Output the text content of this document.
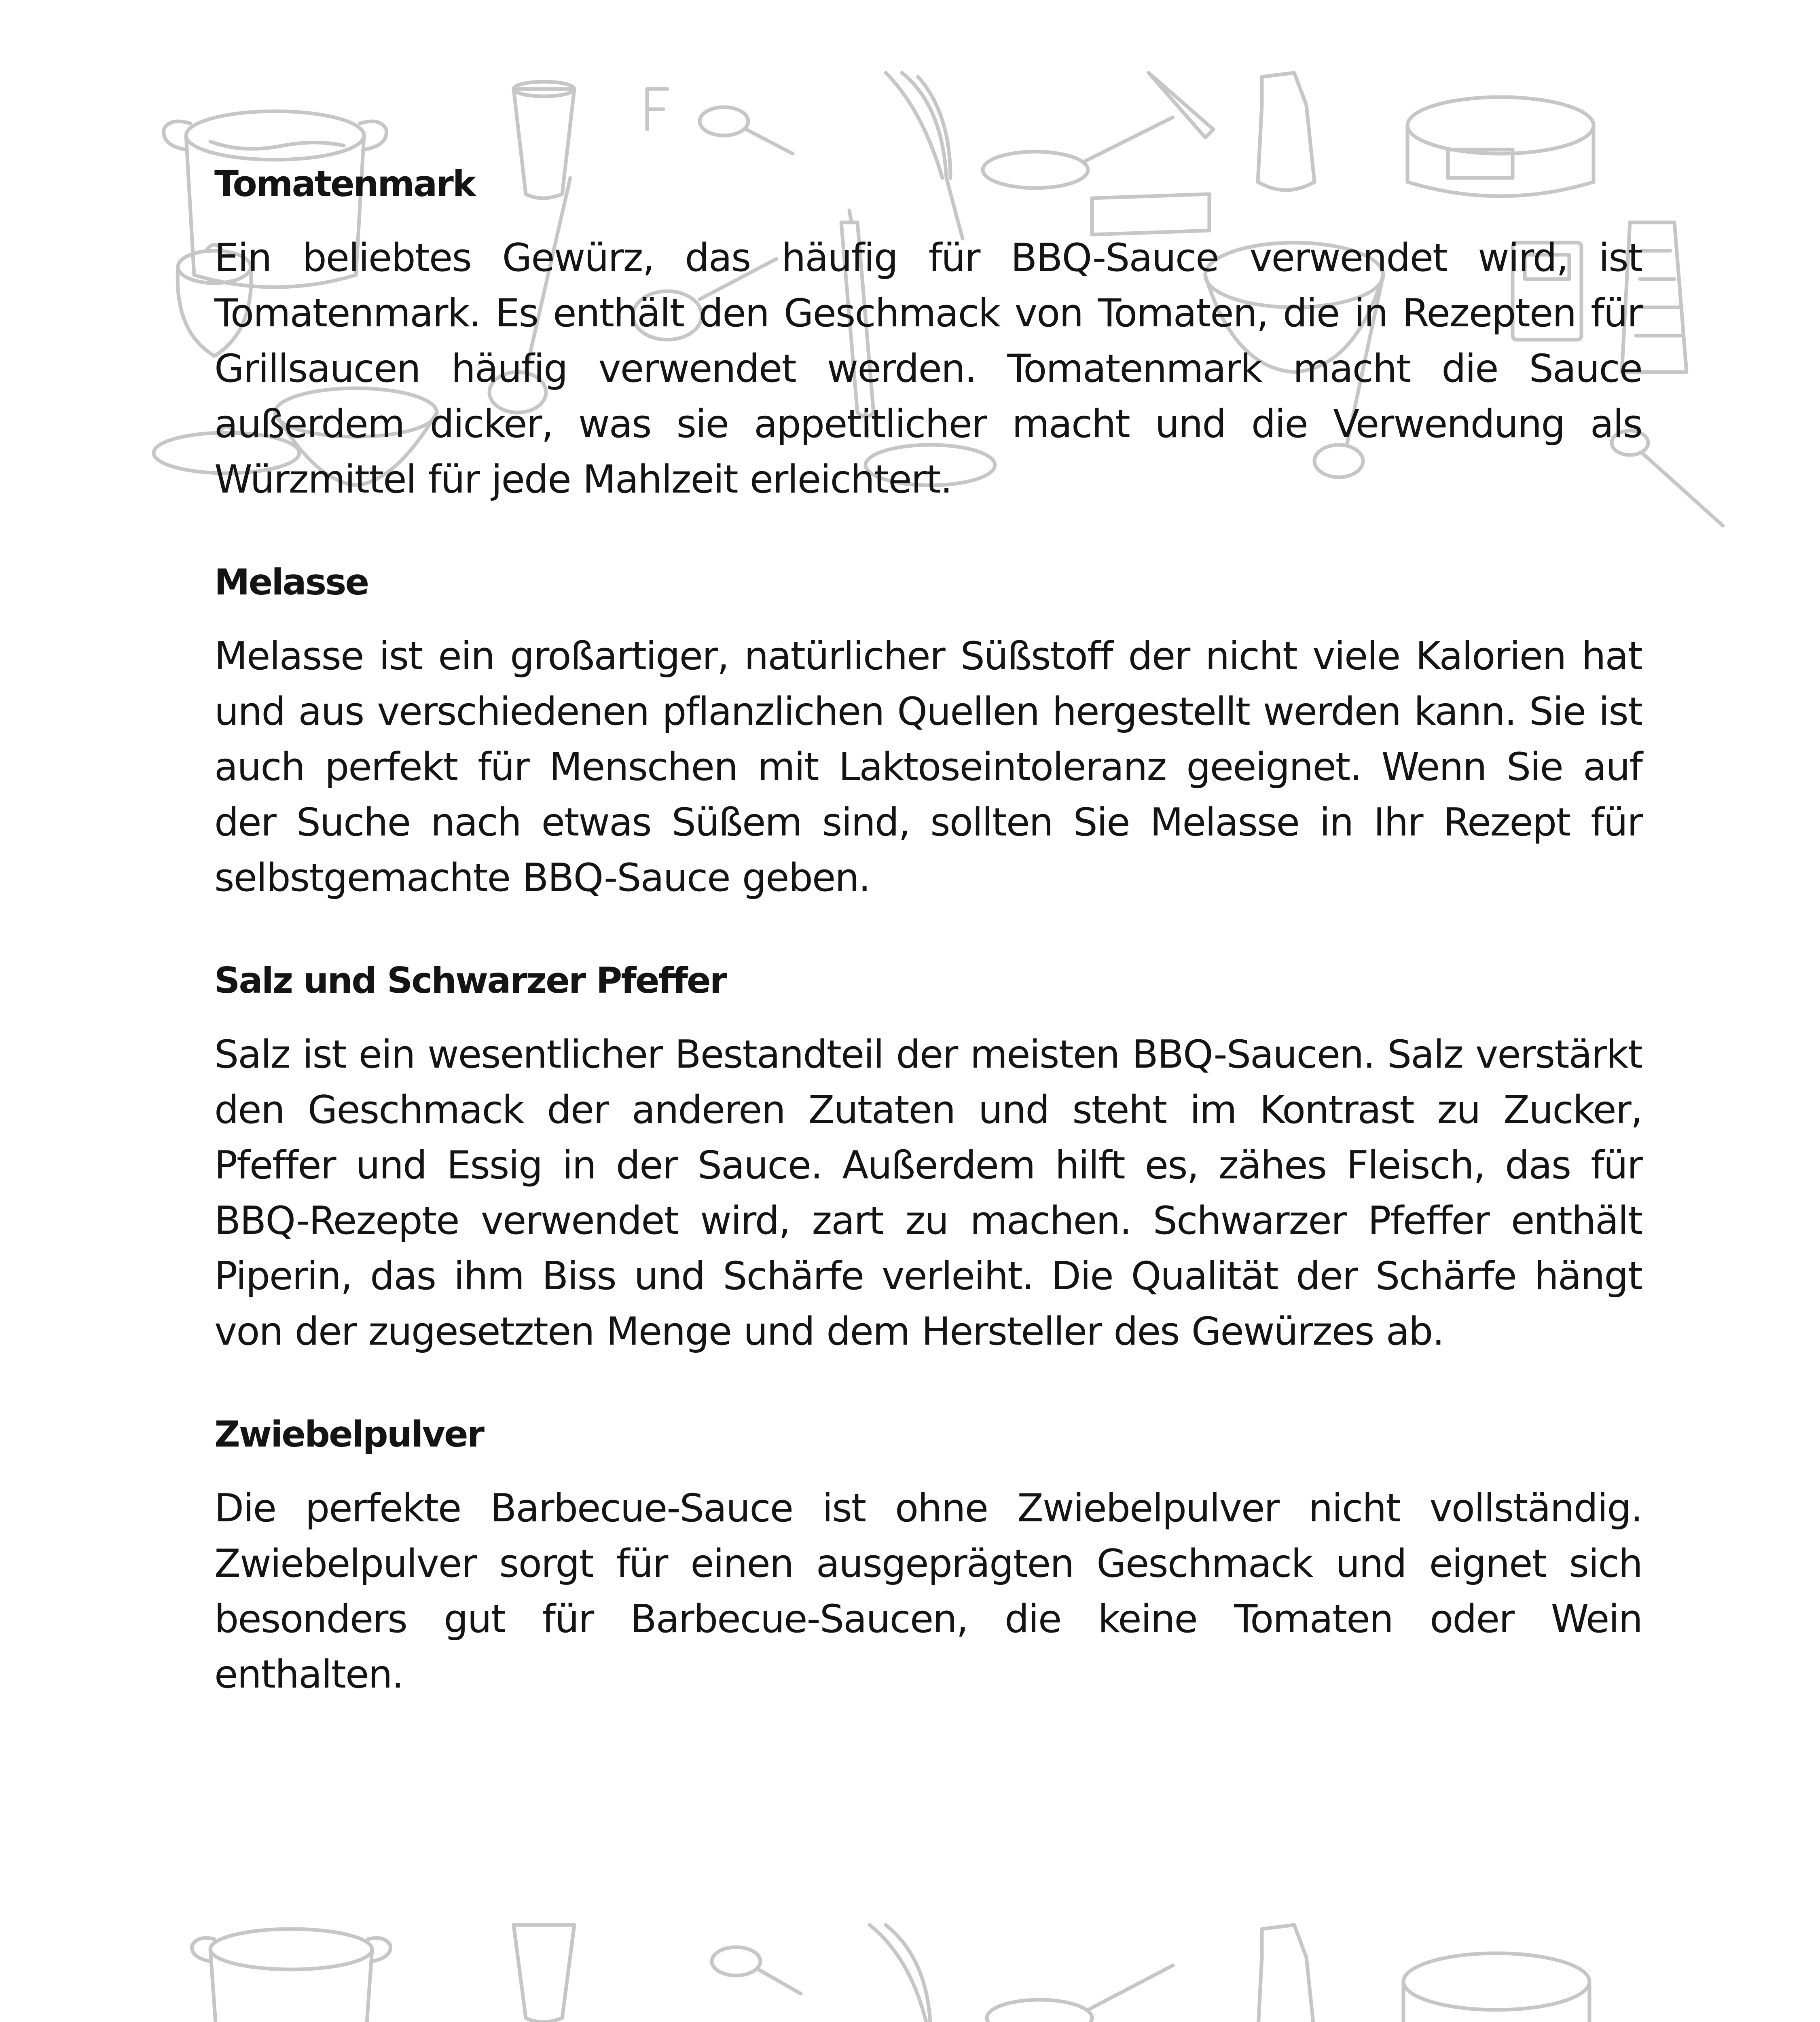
Tomatenmark

Ein beliebtes Gewürz, das häufig für BBQ-Sauce verwendet wird, ist Tomatenmark. Es enthält den Geschmack von Tomaten, die in Rezepten für Grillsaucen häufig verwendet werden. Tomatenmark macht die Sauce außerdem dicker, was sie appetitlicher macht und die Verwendung als Würzmittel für jede Mahlzeit erleichtert.

Melasse

Melasse ist ein großartiger, natürlicher Süßstoff der nicht viele Kalorien hat und aus verschiedenen pflanzlichen Quellen hergestellt werden kann. Sie ist auch perfekt für Menschen mit Laktoseintoleranz geeignet. Wenn Sie auf der Suche nach etwas Süßem sind, sollten Sie Melasse in Ihr Rezept für selbstgemachte BBQ-Sauce geben.

Salz und Schwarzer Pfeffer

Salz ist ein wesentlicher Bestandteil der meisten BBQ-Saucen. Salz verstärkt den Geschmack der anderen Zutaten und steht im Kontrast zu Zucker, Pfeffer und Essig in der Sauce. Außerdem hilft es, zähes Fleisch, das für BBQ-Rezepte verwendet wird, zart zu machen. Schwarzer Pfeffer enthält Piperin, das ihm Biss und Schärfe verleiht. Die Qualität der Schärfe hängt von der zugesetzten Menge und dem Hersteller des Gewürzes ab.

Zwiebelpulver

Die perfekte Barbecue-Sauce ist ohne Zwiebelpulver nicht vollständig. Zwiebelpulver sorgt für einen ausgeprägten Geschmack und eignet sich besonders gut für Barbecue-Saucen, die keine Tomaten oder Wein enthalten.
